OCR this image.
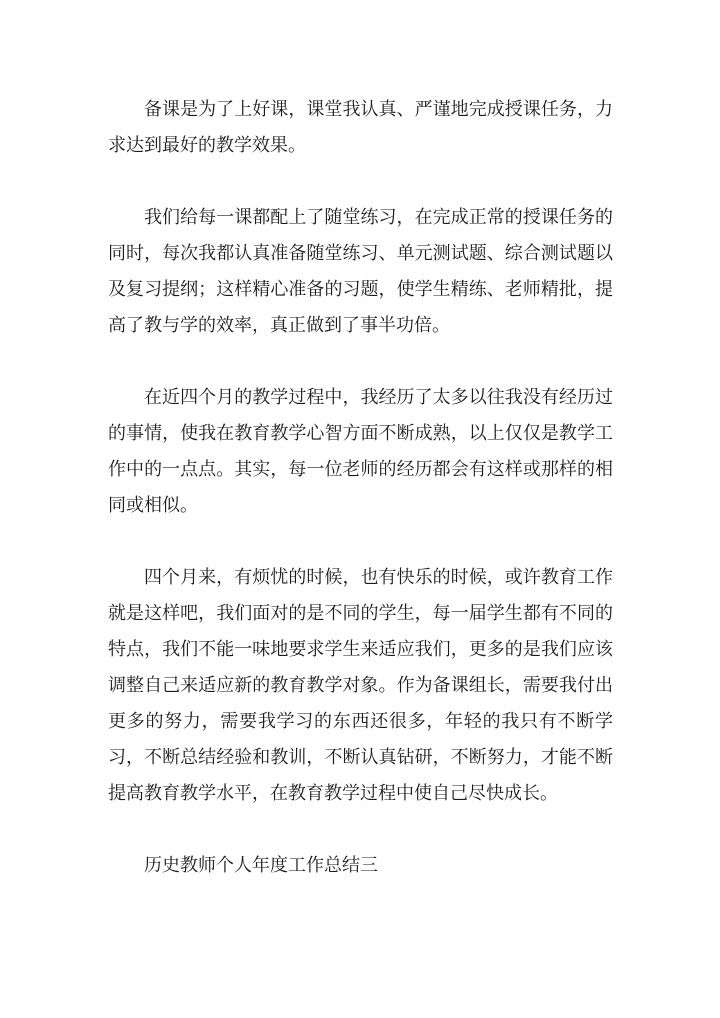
备课是为了上好课，课堂我认真、严谨地完成授课任务，力求达到最好的教学效果。

我们给每一课都配上了随堂练习，在完成正常的授课任务的同时，每次我都认真准备随堂练习、单元测试题、综合测试题以及复习提纲；这样精心准备的习题，使学生精练、老师精批，提高了教与学的效率，真正做到了事半功倍。

在近四个月的教学过程中，我经历了太多以往我没有经历过的事情，使我在教育教学心智方面不断成熟，以上仅仅是教学工作中的一点点。其实，每一位老师的经历都会有这样或那样的相同或相似。

四个月来，有烦忧的时候，也有快乐的时候，或许教育工作就是这样吧，我们面对的是不同的学生，每一届学生都有不同的特点，我们不能一味地要求学生来适应我们，更多的是我们应该调整自己来适应新的教育教学对象。作为备课组长，需要我付出更多的努力，需要我学习的东西还很多，年轻的我只有不断学习，不断总结经验和教训，不断认真钻研，不断努力，才能不断提高教育教学水平，在教育教学过程中使自己尽快成长。

历史教师个人年度工作总结三
